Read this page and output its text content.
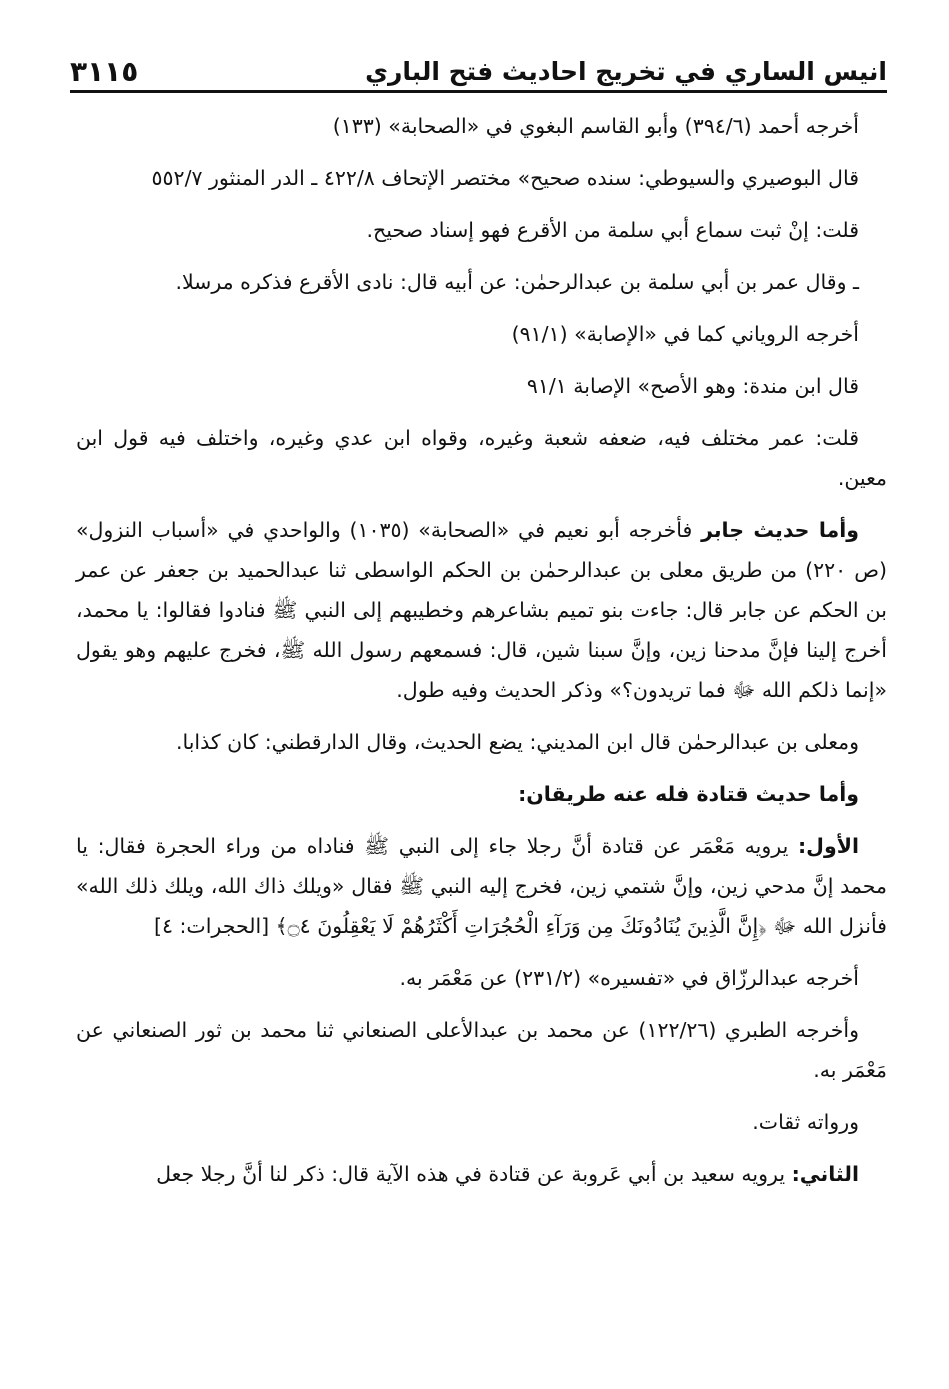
انيس الساري في تخريج احاديث فتح الباري
٣١١٥

أخرجه أحمد (٣٩٤/٦) وأبو القاسم البغوي في «الصحابة» (١٣٣)

قال البوصيري والسيوطي: سنده صحيح» مختصر الإتحاف ٤٢٢/٨ ـ الدر المنثور ٥٥٢/٧

قلت: إنْ ثبت سماع أبي سلمة من الأقرع فهو إسناد صحيح.

ـ وقال عمر بن أبي سلمة بن عبدالرحمٰن: عن أبيه قال: نادى الأقرع فذكره مرسلا.

أخرجه الروياني كما في «الإصابة» (٩١/١)

قال ابن مندة: وهو الأصح» الإصابة ٩١/١

قلت: عمر مختلف فيه، ضعفه شعبة وغيره، وقواه ابن عدي وغيره، واختلف فيه قول ابن معين.

وأما حديث جابر فأخرجه أبو نعيم في «الصحابة» (١٠٣٥) والواحدي في «أسباب النزول» (ص ٢٢٠) من طريق معلى بن عبدالرحمٰن بن الحكم الواسطى ثنا عبدالحميد بن جعفر عن عمر بن الحكم عن جابر قال: جاءت بنو تميم بشاعرهم وخطيبهم إلى النبي ﷺ فنادوا فقالوا: يا محمد، أخرج إلينا فإنَّ مدحنا زين، وإنَّ سبنا شين، قال: فسمعهم رسول الله ﷺ، فخرج عليهم وهو يقول «إنما ذلكم الله ﷻ فما تريدون؟» وذكر الحديث وفيه طول.

ومعلى بن عبدالرحمٰن قال ابن المديني: يضع الحديث، وقال الدارقطني: كان كذابا.

وأما حديث قتادة فله عنه طريقان:

الأول: يرويه مَعْمَر عن قتادة أنَّ رجلا جاء إلى النبي ﷺ فناداه من وراء الحجرة فقال: يا محمد إنَّ مدحي زين، وإنَّ شتمي زين، فخرج إليه النبي ﷺ فقال «ويلك ذاك الله، ويلك ذلك الله» فأنزل الله ﷻ ﴿إِنَّ الَّذِينَ يُنَادُونَكَ مِن وَرَآءِ الْحُجُرَاتِ أَكْثَرُهُمْ لَا يَعْقِلُونَ ۝٤﴾ [الحجرات: ٤]

أخرجه عبدالرزّاق في «تفسيره» (٢٣١/٢) عن مَعْمَر به.

وأخرجه الطبري (١٢٢/٢٦) عن محمد بن عبدالأعلى الصنعاني ثنا محمد بن ثور الصنعاني عن مَعْمَر به.

ورواته ثقات.

الثاني: يرويه سعيد بن أبي عَروبة عن قتادة في هذه الآية قال: ذكر لنا أنَّ رجلا جعل
